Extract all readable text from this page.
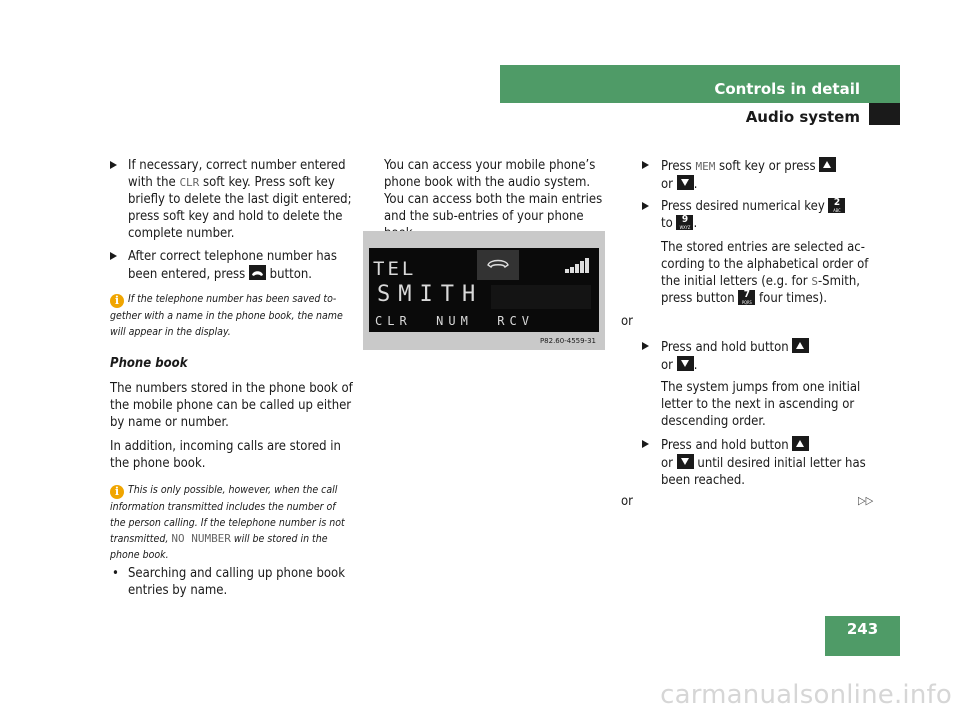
Controls in detail
Audio system
If necessary, correct number entered with the CLR soft key. Press soft key briefly to delete the last digit entered; press soft key and hold to delete the complete number.
After correct telephone number has been entered, press  button.
i If the telephone number has been saved to-gether with a name in the phone book, the name will appear in the display.
Phone book

The numbers stored in the phone book of the mobile phone can be called up either by name or number.

In addition, incoming calls are stored in the phone book.

i This is only possible, however, when the call information transmitted includes the number of the person calling. If the telephone number is not transmitted, NO NUMBER will be stored in the phone book.
• Searching and calling up phone book entries by name.

You can access your mobile phone’s phone book with the audio system. You can access both the main entries and the sub-entries of your phone

TEL
SMITH
CLR  NUM  RCV
P82.60-4559-31
Press MEM soft key or press
or .
Press desired numerical key 2
ABC

to 9
WXYZ .
The stored entries are selected ac-cording to the alphabetical order of the initial letters (e.g. for S-Smith, press button 7
PQRS four times).
or
Press and hold button
or .
The system jumps from one initial letter to the next in ascending or descending order.
Press and hold button
or  until desired initial letter has been reached.
or	▷▷
243
carmanualsonline.info
